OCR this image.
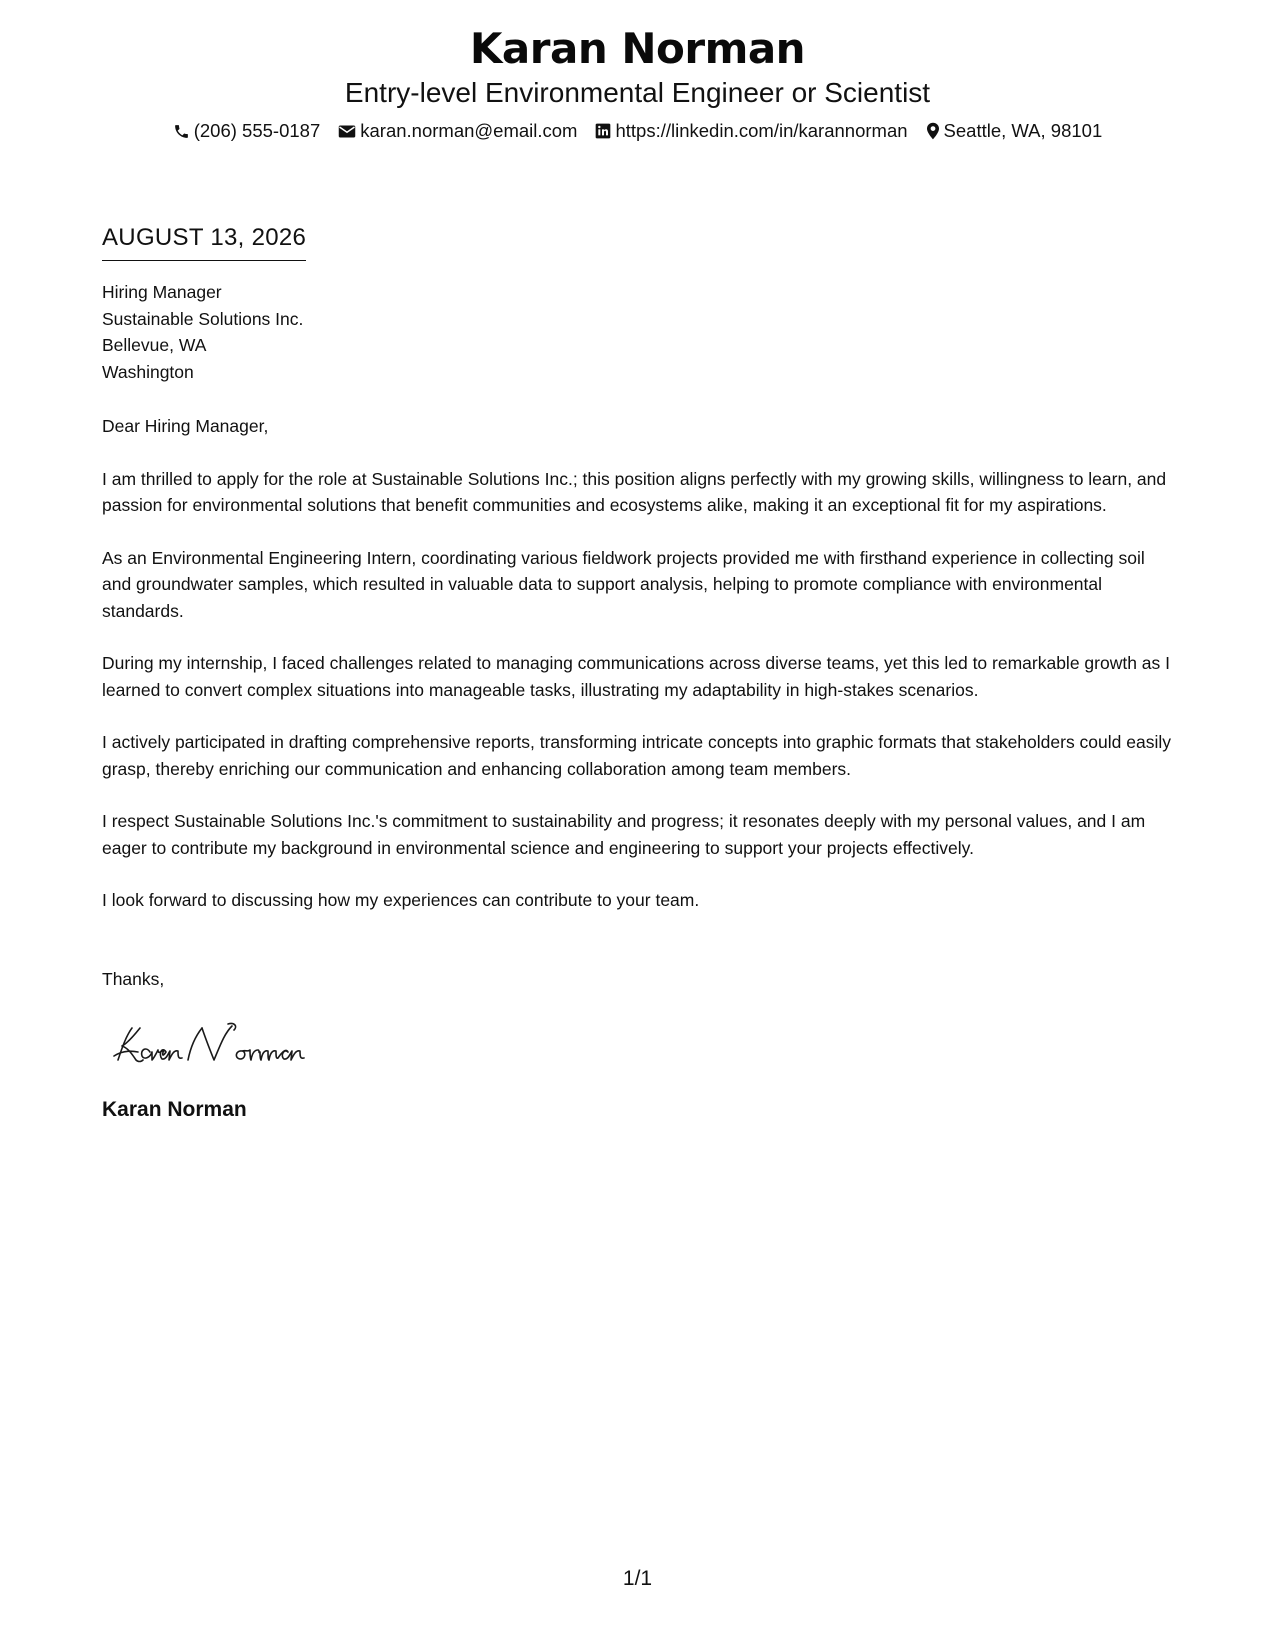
Karan Norman
Entry-level Environmental Engineer or Scientist
(206) 555-0187 karan.norman@email.com https://linkedin.com/in/karannorman Seattle, WA, 98101
AUGUST 13, 2026
Hiring Manager
Sustainable Solutions Inc.
Bellevue, WA
Washington
Dear Hiring Manager,
I am thrilled to apply for the role at Sustainable Solutions Inc.; this position aligns perfectly with my growing skills, willingness to learn, and passion for environmental solutions that benefit communities and ecosystems alike, making it an exceptional fit for my aspirations.
As an Environmental Engineering Intern, coordinating various fieldwork projects provided me with firsthand experience in collecting soil and groundwater samples, which resulted in valuable data to support analysis, helping to promote compliance with environmental standards.
During my internship, I faced challenges related to managing communications across diverse teams, yet this led to remarkable growth as I learned to convert complex situations into manageable tasks, illustrating my adaptability in high-stakes scenarios.
I actively participated in drafting comprehensive reports, transforming intricate concepts into graphic formats that stakeholders could easily grasp, thereby enriching our communication and enhancing collaboration among team members.
I respect Sustainable Solutions Inc.'s commitment to sustainability and progress; it resonates deeply with my personal values, and I am eager to contribute my background in environmental science and engineering to support your projects effectively.
I look forward to discussing how my experiences can contribute to your team.
Thanks,
Karan Norman
1/1
